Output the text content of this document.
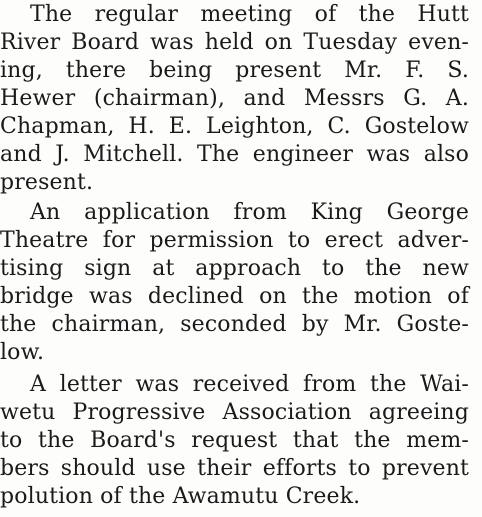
The regular meeting of the Hutt
River Board was held on Tuesday even-
ing, there being present Mr. F. S.
Hewer (chairman), and Messrs G. A.
Chapman, H. E. Leighton, C. Gostelow
and J. Mitchell. The engineer was also
present.
An application from King George
Theatre for permission to erect adver-
tising sign at approach to the new
bridge was declined on the motion of
the chairman, seconded by Mr. Goste-
low.
A letter was received from the Wai-
wetu Progressive Association agreeing
to the Board's request that the mem-
bers should use their efforts to prevent
polution of the Awamutu Creek.
